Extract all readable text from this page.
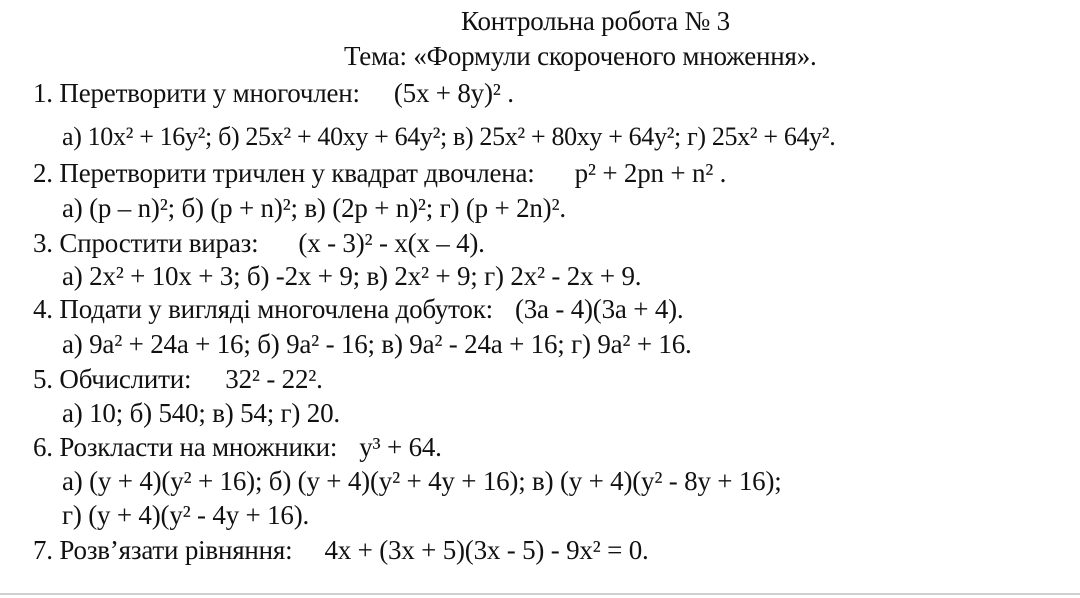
Контрольна робота № 3
Тема: «Формули скороченого множення».
1. Перетворити у многочлен: (5x + 8y)² .
а) 10x² + 16y²; б) 25x² + 40xy + 64y²; в) 25x² + 80xy + 64y²; г) 25x² + 64y².
2. Перетворити тричлен у квадрат двочлена: p² + 2pn + n² .
а) (p – n)²; б) (p + n)²; в) (2p + n)²; г) (p + 2n)².
3. Спростити вираз: (x - 3)² - x(x – 4).
а) 2x² + 10x + 3; б) -2x + 9; в) 2x² + 9; г) 2x² - 2x + 9.
4. Подати у вигляді многочлена добуток: (3a - 4)(3a + 4).
а) 9a² + 24a + 16; б) 9a² - 16; в) 9a² - 24a + 16; г) 9a² + 16.
5. Обчислити: 32² - 22².
а) 10; б) 540; в) 54; г) 20.
6. Розкласти на множники: y³ + 64.
а) (y + 4)(y² + 16); б) (y + 4)(y² + 4y + 16); в) (y + 4)(y² - 8y + 16);
г) (y + 4)(y² - 4y + 16).
7. Розв’язати рівняння: 4x + (3x + 5)(3x - 5) - 9x² = 0.
